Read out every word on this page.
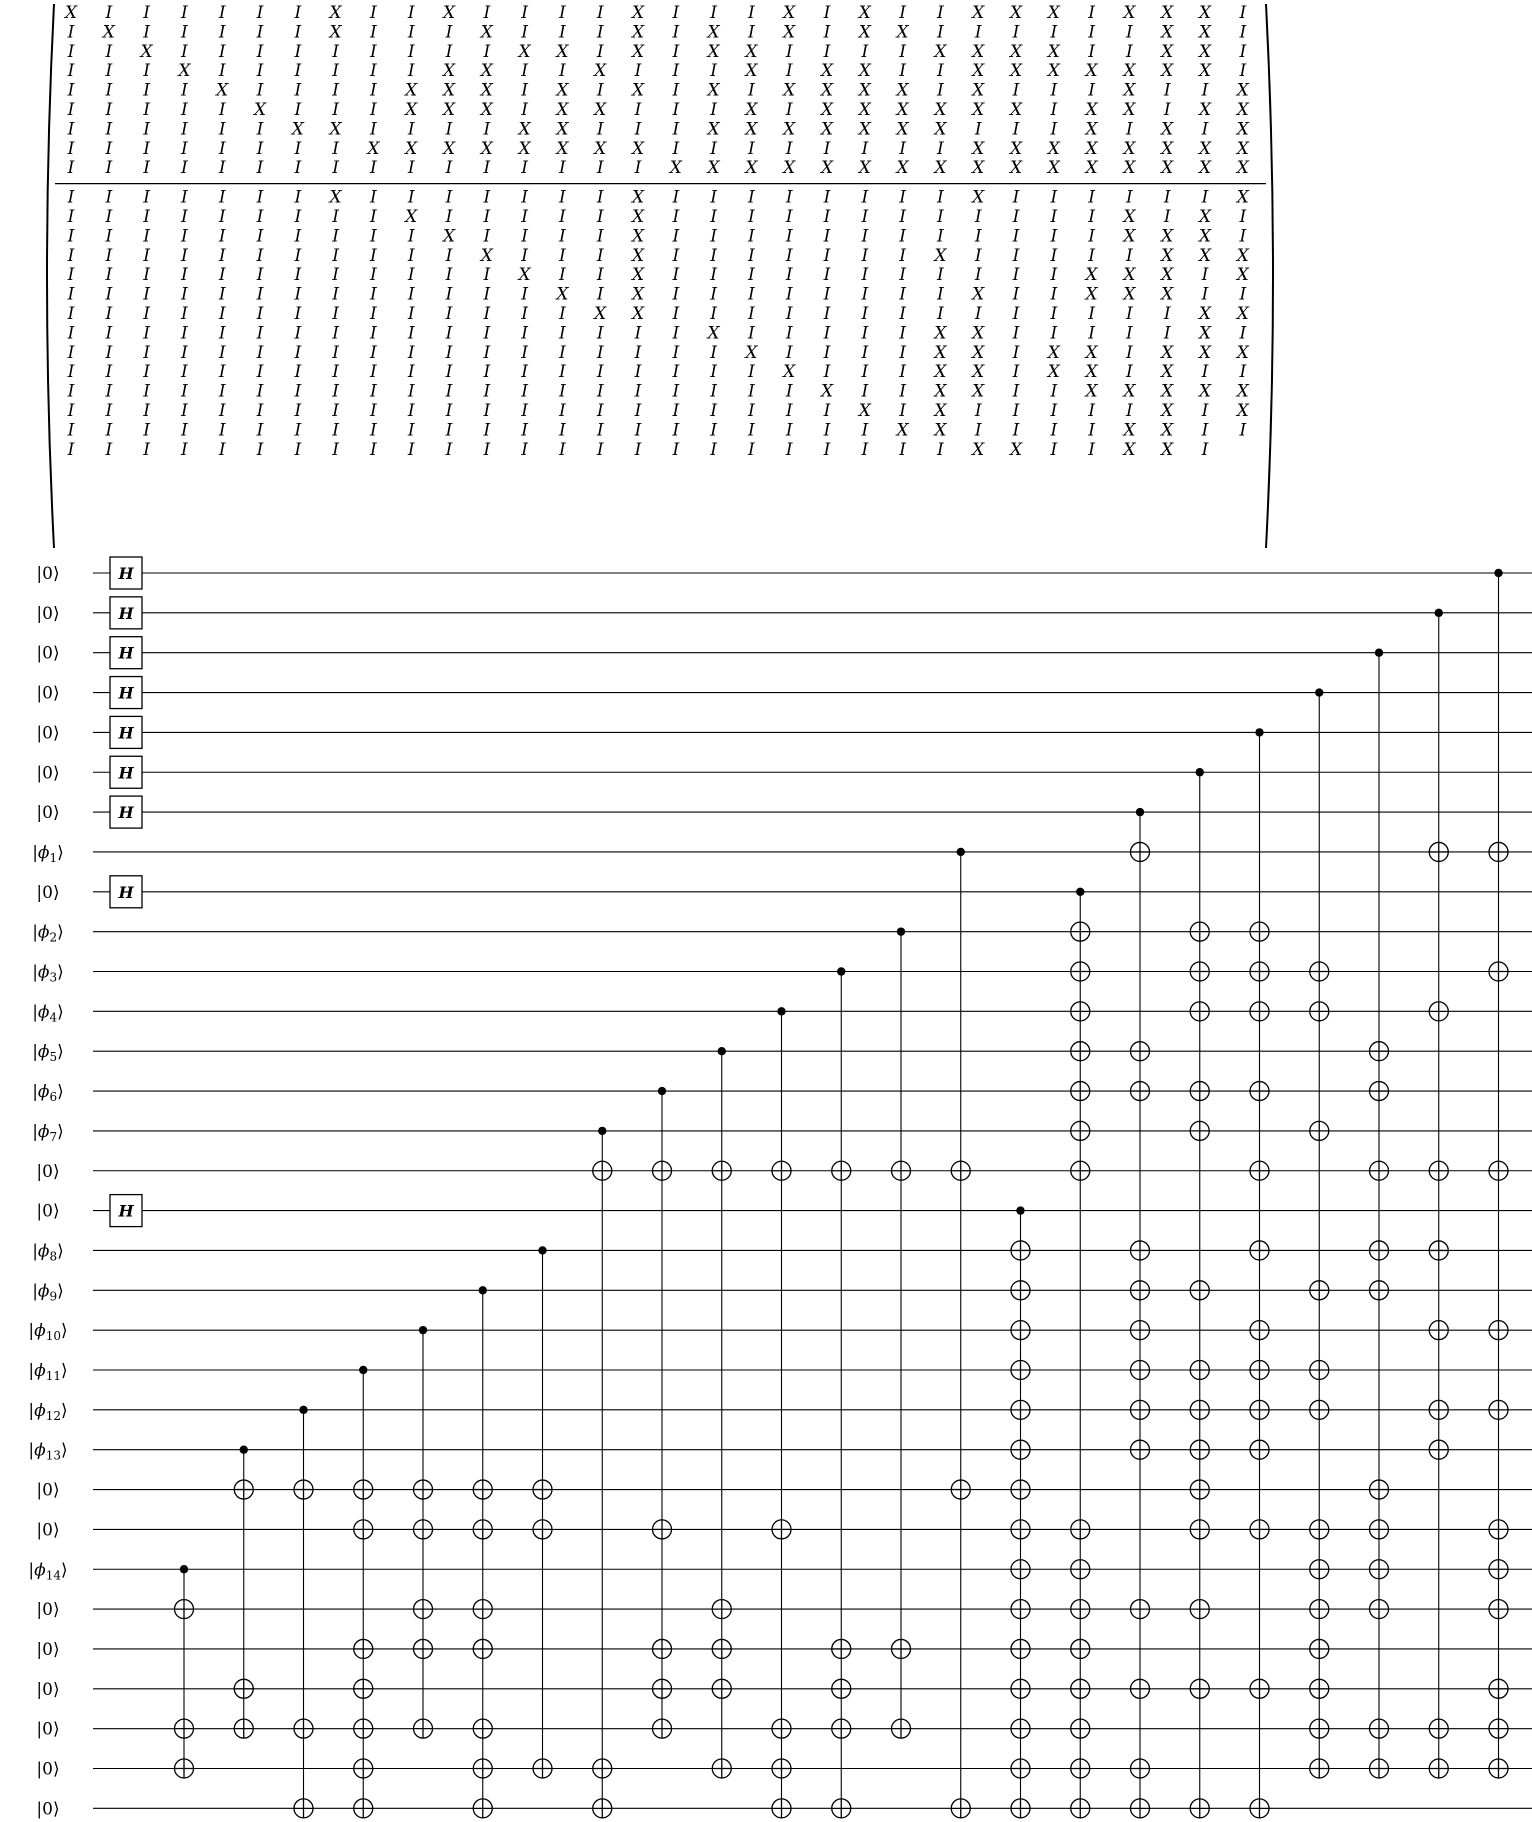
X I I I I I I X I I X I I I I X I I I X I X I I X X X I X X X I
I X I I I I I X I I I X I I I X I X I X I X X I I I I I I X X I
I I X I I I I I I I I I X X I X I X X I I I I X X X X I I X X I
I I I X I I I I I I X X I I X I I I X I X X I I X X X X X X X I
I I I I X I I I I X X X I X I X I X I X X X X I X I I I X I I X
I I I I I X I I I X X X I X X I I I X I X X X X X X I X X I X X
I I I I I I X X I I I I X X I I I X X X X X X X I I I X I X I X
I I I I I I I I X X X X X X X X I I I I I I I I X X X X X X X X
I I I I I I I I I I I I I I I I X X X X X X X X X X X X X X X X
I I I I I I I X I I I I I I I X I I I I I I I I X I I I I I I X
I I I I I I I I I X I I I I I X I I I I I I I I I I I I X I X I
I I I I I I I I I I X I I I I X I I I I I I I I I I I I X X X I
I I I I I I I I I I I X I I I X I I I I I I I X I I I I I X X X
I I I I I I I I I I I I X I I X I I I I I I I I I I I X X X I X
I I I I I I I I I I I I I X I X I I I I I I I I X I I X X X I I
I I I I I I I I I I I I I I X X I I I I I I I I I I I I I I X X
I I I I I I I I I I I I I I I I I X I I I I I X X I I I I I X I
I I I I I I I I I I I I I I I I I I X I I I I X X I X X I X X X
I I I I I I I I I I I I I I I I I I I X I I I X X I X X I X I I
I I I I I I I I I I I I I I I I I I I I X I I X X I I X X X X X
I I I I I I I I I I I I I I I I I I I I I X I X I I I I I X I X
I I I I I I I I I I I I I I I I I I I I I I X X I I I I X X I I
I I I I I I I I I I I I I I I I I I I I I I I I X X I I X X I
|0⟩	H
|0⟩	H
|0⟩	H
|0⟩	H
|0⟩	H
|0⟩	H
|0⟩	H
$|\phi_1⟩$
|0⟩	H
$|\phi_2⟩$
$|\phi_3⟩$
$|\phi_4⟩$
$|\phi_5⟩$
$|\phi_6⟩$
$|\phi_7⟩$
|0⟩
|0⟩	H
$|\phi_8⟩$
$|\phi_9⟩$
$|\phi_{10}⟩$
$|\phi_{11}⟩$
$|\phi_{12}⟩$
$|\phi_{13}⟩$
|0⟩
|0⟩
$|\phi_{14}⟩$
|0⟩
|0⟩
|0⟩
|0⟩
|0⟩
|0⟩
